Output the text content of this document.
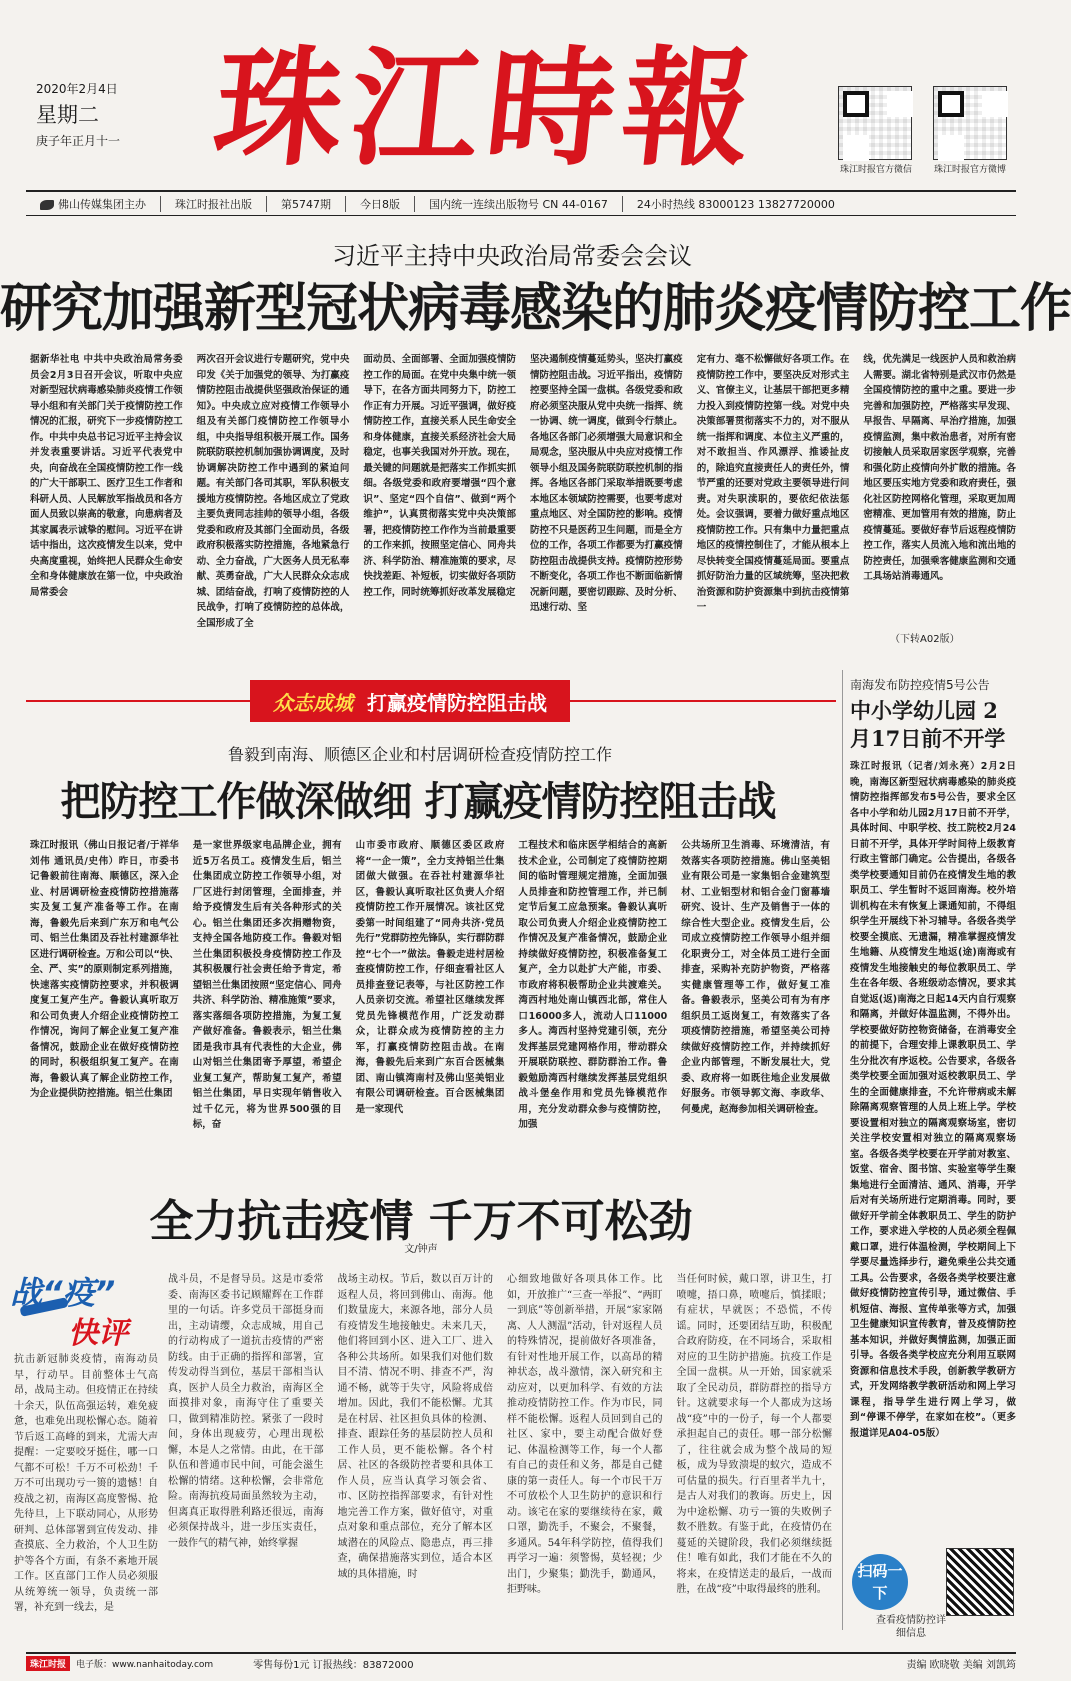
2020年2月4日
星期二
庚子年正月十一 珠江時報	珠江时报官方微信	珠江时报官方微博
佛山传媒集团主办	珠江时报社出版	第5747期	今日8版	国内统一连续出版物号 CN 44-0167	24小时热线 83000123 13827720000
习近平主持中央政治局常委会会议
研究加强新型冠状病毒感染的肺炎疫情防控工作
据新华社电 中共中央政治局常务委员会2月3日召开会议，听取中央应对新型冠状病毒感染肺炎疫情工作领导小组和有关部门关于疫情防控工作情况的汇报，研究下一步疫情防控工作。中共中央总书记习近平主持会议并发表重要讲话。习近平代表党中央，向奋战在全国疫情防控工作一线的广大干部职工、医疗卫生工作者和科研人员、人民解放军指战员和各方面人员致以崇高的敬意，向患病者及其家属表示诚挚的慰问。习近平在讲话中指出，这次疫情发生以来，党中央高度重视，始终把人民群众生命安全和身体健康放在第一位，中央政治局常委会
两次召开会议进行专题研究，党中央印发《关于加强党的领导、为打赢疫情防控阻击战提供坚强政治保证的通知》。中央成立应对疫情工作领导小组及有关部门疫情防控工作领导小组，中央指导组积极开展工作。国务院联防联控机制加强协调调度，及时协调解决防控工作中遇到的紧迫问题。有关部门各司其职，军队积极支援地方疫情防控。各地区成立了党政主要负责同志挂帅的领导小组，各级党委和政府及其部门全面动员，各级政府积极落实防控措施，各地紧急行动、全力奋战，广大医务人员无私奉献、英勇奋战，广大人民群众众志成城、团结奋战，打响了疫情防控的人民战争，打响了疫情防控的总体战，全国形成了全
面动员、全面部署、全面加强疫情防控工作的局面。在党中央集中统一领导下，在各方面共同努力下，防控工作正有力开展。习近平强调，做好疫情防控工作，直接关系人民生命安全和身体健康，直接关系经济社会大局稳定，也事关我国对外开放。现在，最关键的问题就是把落实工作抓实抓细。各级党委和政府要增强“四个意识”、坚定“四个自信”、做到“两个维护”，认真贯彻落实党中央决策部署，把疫情防控工作作为当前最重要的工作来抓，按照坚定信心、同舟共济、科学防治、精准施策的要求，尽快找差距、补短板，切实做好各项防控工作，同时统筹抓好改革发展稳定
坚决遏制疫情蔓延势头，坚决打赢疫情防控阻击战。习近平指出，疫情防控要坚持全国一盘棋。各级党委和政府必须坚决服从党中央统一指挥、统一协调、统一调度，做到令行禁止。各地区各部门必须增强大局意识和全局观念，坚决服从中央应对疫情工作领导小组及国务院联防联控机制的指挥。各地区各部门采取举措既要考虑本地区本领域防控需要，也要考虑对重点地区、对全国防控的影响。疫情防控不只是医药卫生问题，而是全方位的工作，各项工作都要为打赢疫情防控阻击战提供支持。疫情防控形势不断变化，各项工作也不断面临新情况新问题，要密切跟踪、及时分析、迅速行动、坚
定有力、毫不松懈做好各项工作。在疫情防控工作中，要坚决反对形式主义、官僚主义，让基层干部把更多精力投入到疫情防控第一线。对党中央决策部署贯彻落实不力的，对不服从统一指挥和调度、本位主义严重的，对不敢担当、作风漂浮、推诿扯皮的，除追究直接责任人的责任外，情节严重的还要对党政主要领导进行问责。对失职渎职的，要依纪依法惩处。会议强调，要着力做好重点地区疫情防控工作。只有集中力量把重点地区的疫情控制住了，才能从根本上尽快转变全国疫情蔓延局面。要重点抓好防治力量的区域统筹，坚决把救治资源和防护资源集中到抗击疫情第一
线，优先满足一线医护人员和救治病人需要。湖北省特别是武汉市仍然是全国疫情防控的重中之重。要进一步完善和加强防控，严格落实早发现、早报告、早隔离、早治疗措施，加强疫情监测，集中救治患者，对所有密切接触人员采取居家医学观察，完善和强化防止疫情向外扩散的措施。各地区要压实地方党委和政府责任，强化社区防控网格化管理，采取更加周密精准、更加管用有效的措施，防止疫情蔓延。要做好春节后返程疫情防控工作，落实人员流入地和流出地的防控责任，加强乘客健康监测和交通工具场站消毒通风。
（下转A02版）
众志成城 打赢疫情防控阻击战
鲁毅到南海、顺德区企业和村居调研检查疫情防控工作
把防控工作做深做细 打赢疫情防控阻击战
珠江时报讯（佛山日报记者/于祥华 刘伟 通讯员/史伟）昨日，市委书记鲁毅前往南海、顺德区，深入企业、村居调研检查疫情防控措施落实及复工复产准备等工作。在南海，鲁毅先后来到广东万和电气公司、铝兰仕集团及吞社村建源华社区进行调研检查。万和公司以“快、全、严、实”的原则制定系列措施，快速落实疫情防控要求，并积极调度复工复产生产。鲁毅认真听取万和公司负责人介绍企业疫情防控工作情况，询问了解企业复工复产准备情况，鼓励企业在做好疫情防控的同时，积极组织复工复产。在南海，鲁毅认真了解企业防控工作，为企业提供防控措施。铝兰仕集团
是一家世界级家电品牌企业，拥有近5万名员工。疫情发生后，铝兰仕集团成立防控工作领导小组，对厂区进行封闭管理，全面排查，并给予疫情发生后有关各种形式的关心。铝兰仕集团还多次捐赠物资，支持全国各地防疫工作。鲁毅对铝兰仕集团积极投身疫情防控工作及其积极履行社会责任给予肯定，希望铝兰仕集团按照“坚定信心、同舟共济、科学防治、精准施策”要求，落实落细各项防控措施，为复工复产做好准备。鲁毅表示，铝兰仕集团是我市具有代表性的大企业，佛山对铝兰仕集团寄予厚望，希望企业复工复产，帮助复工复产，希望铝兰仕集团，早日实现年销售收入过千亿元，将为世界500强的目标，奋
山市委市政府、顺德区委区政府将“一企一策”，全力支持铝兰仕集团做大做强。在吞社村建源华社区，鲁毅认真听取社区负责人介绍疫情防控工作开展情况。该社区党委第一时间组建了“同舟共济·党员先行”党群防控先锋队，实行群防群控“七个一”做法。鲁毅走进村居检查疫情防控工作，仔细查看社区人员排查登记表等，与社区防控工作人员亲切交流。希望社区继续发挥党员先锋模范作用，广泛发动群众，让群众成为疫情防控的主力军，打赢疫情防控阻击战。在南海，鲁毅先后来到广东百合医械集团、南山镇湾南村及佛山坚美铝业有限公司调研检查。百合医械集团是一家现代
工程技术和临床医学相结合的高新技术企业，公司制定了疫情防控期间的临时管理规定措施，全面加强人员排查和防控管理工作，并已制定节后复工应急预案。鲁毅认真听取公司负责人介绍企业疫情防控工作情况及复产准备情况，鼓励企业持续做好疫情防控，积极准备复工复产，全力以赴扩大产能，市委、市政府将积极帮助企业共渡难关。湾西村地处南山镇西北部，常住人口16000多人，流动人口11000多人。湾西村坚持党建引领，充分发挥基层党建网格作用，带动群众开展联防联控、群防群治工作。鲁毅勉励湾西村继续发挥基层党组织战斗堡垒作用和党员先锋模范作用，充分发动群众参与疫情防控，加强
公共场所卫生消毒、环境清洁，有效落实各项防控措施。佛山坚美铝业有限公司是一家集铝合金建筑型材、工业铝型材和铝合金门窗幕墙研究、设计、生产及销售于一体的综合性大型企业。疫情发生后，公司成立疫情防控工作领导小组并细化职责分工，对全体员工进行全面排查，采购补充防护物资，严格落实健康管理等工作，做好复工准备。鲁毅表示，坚美公司有为有序组织员工返岗复工，有效落实了各项疫情防控措施，希望坚美公司持续做好疫情防控工作，并持续抓好企业内部管理，不断发展壮大，党委、政府将一如既往地企业发展做好服务。市领导郭文海、李政华、何曼虎，赵海参加相关调研检查。
南海发布防控疫情5号公告
中小学幼儿园 2月17日前不开学
珠江时报讯（记者/刘永亮）2月2日晚，南海区新型冠状病毒感染的肺炎疫情防控指挥部发布5号公告，要求全区各中小学和幼儿园2月17日前不开学，具体时间、中职学校、技工院校2月24日前不开学，具体开学时间待上级教育行政主管部门确定。公告提出，各级各类学校要通知目前仍在疫情发生地的教职员工、学生暂时不返回南海。校外培训机构在未有恢复上课通知前，不得组织学生开展线下补习辅导。各级各类学校要全摸底、无遗漏，精准掌握疫情发生地籍、从疫情发生地返(途)南海或有疫情发生地接触史的每位教职员工、学生在各年级、各班级动态情况，要求其自觉返(返)南海之日起14天内自行观察和隔离，并做好体温监测，不得外出。学校要做好防控物资储备，在消毒安全的前提下，合理安排上课教职员工、学生分批次有序返校。公告要求，各级各类学校要全面加强对返校教职员工、学生的全面健康排查，不允许带病或未解除隔离观察管理的人员上班上学。学校要设置相对独立的隔离观察场室，密切关注学校安置相对独立的隔离观察场室。各级各类学校要在开学前对教室、饭堂、宿舍、图书馆、实验室等学生聚集地进行全面清洁、通风、消毒，开学后对有关场所进行定期消毒。同时，要做好开学前全体教职员工、学生的防护工作，要求进入学校的人员必须全程佩戴口罩，进行体温检测，学校期间上下学要尽量选择步行，避免乘坐公共交通工具。公告要求，各级各类学校要注意做好疫情防控宣传引导，通过微信、手机短信、海报、宣传单张等方式，加强卫生健康知识宣传教育，普及疫情防控基本知识，并做好舆情监测，加强正面引导。各级各类学校应充分利用互联网资源和信息技术手段，创新教学教研方式，开发网络教学教研活动和网上学习课程，指导学生进行网上学习，做到“停课不停学，在家如在校”。（更多报道详见A04-05版）
全力抗击疫情 千万不可松劲
文/钟声
战“疫”
快评
战斗员，不是督导员。这是市委常委、南海区委书记顾耀辉在工作群里的一句话。许多党员干部挺身而出，主动请缨，众志成城，用自己的行动构成了一道抗击疫情的严密防线。由于正确的指挥和部署，宣传发动得当到位，基层干部相当认真，医护人员全力救治，南海区全面摸排对象，南海守住了重要关口，做到精准防控。紧张了一段时间，身体出现疲劳，心理出现松懈，本是人之常情。由此，在干部队伍和普通市民中间，可能会滋生松懈的情绪。这种松懈，会非常危险。南海抗疫局面虽然较为主动，但离真正取得胜利路还很远，南海必须保持战斗，进一步压实责任，一鼓作气的精气神，始终掌握
战场主动权。节后，数以百万计的返程人员，将回到佛山、南海。他们数量庞大，来源各地，部分人员有疫情发生地接触史。未来几天，他们将回到小区、进入工厂、进入各种公共场所。如果我们对他们数目不清、情况不明、排查不严，沟通不畅，就等于失守，风险将成倍增加。因此，我们不能松懈。尤其是在村居、社区担负具体的检测、排查、跟踪任务的基层防控人员和工作人员，更不能松懈。各个村居、社区的各级防控者要和具体工作人员，应当认真学习领会省、市、区防控指挥部要求，有针对性地完善工作方案，做好值守，对重点对象和重点部位，充分了解本区域潜在的风险点、隐患点，再三排查，确保措施落实到位，适合本区域的具体措施，时
心细致地做好各项具体工作。比如，开放推广“三查一举报”、“两盯一到底”等创新举措，开展“家家隔离、人人测温”活动，针对返程人员的特殊情况，提前做好各项准备，有针对性地开展工作，以高昂的精神状态，战斗激情，深入研究和主动应对，以更加科学、有效的方法推动疫情防控工作。作为市民，同样不能松懈。返程人员回到自己的社区、家中，要主动配合做好登记、体温检测等工作，每一个人都有自己的责任和义务，都是自己健康的第一责任人。每一个市民干万不可放松个人卫生防护的意识和行动。该宅在家的要继续待在家，戴口罩，勤洗手，不聚会，不聚餐，多通风。54年科学防控，值得我们再学习一遍：须警惕，莫轻视；少出门，少聚集；勤洗手，勤通风，拒野味。
当任何时候，戴口罩，讲卫生，打喷嚏，捂口鼻，喷嚏后，慎揉眼；有症状，早就医；不恐慌，不传谣。同时，还要团结互助，积极配合政府防疫，在不同场合，采取相对应的卫生防护措施。抗疫工作是全国一盘棋。从一开始，国家就采取了全民动员，群防群控的指导方针。这就要求每一个人都成为这场战“疫”中的一份子，每一个人都要承担起自己的责任。哪一部分松懈了，往往就会成为整个战局的短板，成为导致溃堤的蚁穴，造成不可估量的损失。行百里者半九十，是古人对我们的教诲。历史上，因为中途松懈、功亏一篑的失败例子数不胜数。有鉴于此，在疫情仍在蔓延的关键阶段，我们必须继续挺住！唯有如此，我们才能在不久的将来，在疫情送走的最后，一战而胜，在战“疫”中取得最终的胜利。
抗击新冠肺炎疫情，南海动员早，行动早。目前整体士气高昂，战局主动。但疫情正在持续十余天，队伍高强运转，难免疲惫，也难免出现松懈心态。随着节后返工高峰的到来，尤需大声提醒：一定要咬牙挺住，哪一口气都不可松！千万不可松劲！千万不可出现功亏一篑的遗憾！自疫战之初，南海区高度警惕、抢先待旦，上下联动同心，从形势研判、总体部署到宣传发动、排查摸底、全力救治，个人卫生防护等各个方面，有条不紊地开展工作。区直部门工作人员必须服从统筹统一领导，负责统一部署，补充到一线去，是
扫码一下
查看疫情防控详细信息
珠江时报	电子版：www.nanhaitoday.com	零售每份1元 订报热线：83872000	责编 欧晓敬 美编 刘凯筠
